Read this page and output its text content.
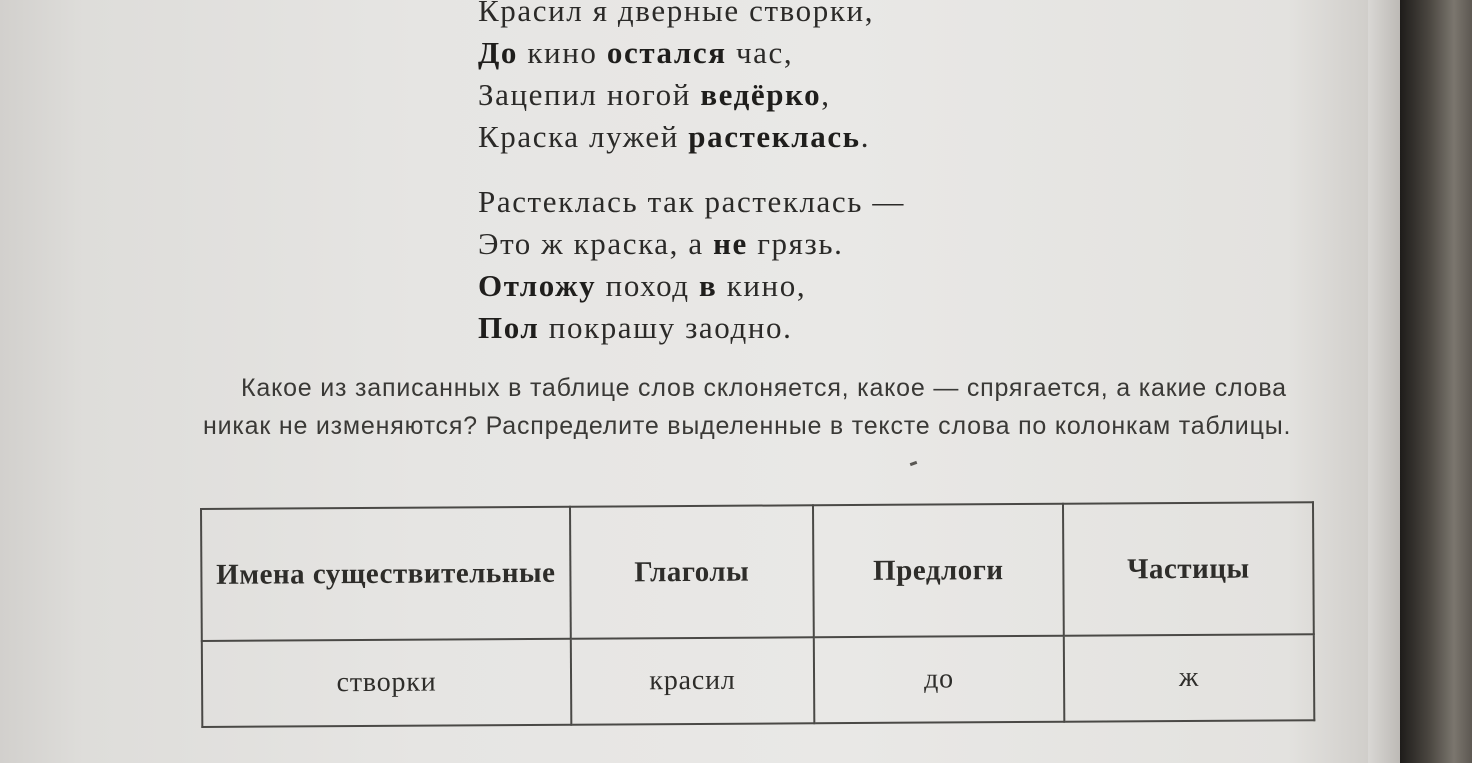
Красил я дверные створки,
До кино остался час,
Зацепил ногой ведёрко,
Краска лужей растеклась.
Растеклась так растеклась —
Это ж краска, а не грязь.
Отложу поход в кино,
Пол покрашу заодно.

Какое из записанных в таблице слов склоняется, какое — спрягается, а какие слова никак не изменяются? Распределите выделенные в тексте слова по колонкам таблицы.

Имена существительные	Глаголы	Предлоги	Частицы
створки	красил	до	ж
